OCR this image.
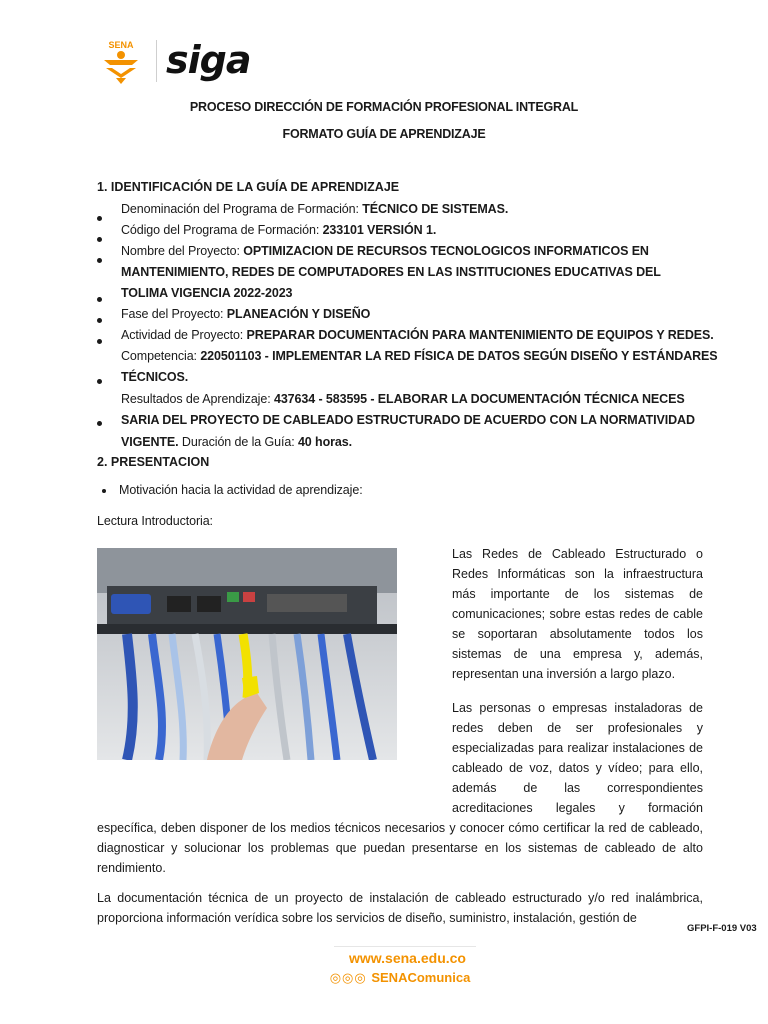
SENA siga
PROCESO DIRECCIÓN DE FORMACIÓN PROFESIONAL INTEGRAL
FORMATO GUÍA DE APRENDIZAJE
1. IDENTIFICACIÓN DE LA GUÍA DE APRENDIZAJE
Denominación del Programa de Formación: TÉCNICO DE SISTEMAS.
Código del Programa de Formación: 233101 VERSIÓN 1.
Nombre del Proyecto: OPTIMIZACION DE RECURSOS TECNOLOGICOS INFORMATICOS EN
MANTENIMIENTO, REDES DE COMPUTADORES EN LAS INSTITUCIONES EDUCATIVAS DEL
TOLIMA VIGENCIA 2022-2023
Fase del Proyecto: PLANEACIÓN Y DISEÑO
Actividad de Proyecto: PREPARAR DOCUMENTACIÓN PARA MANTENIMIENTO DE EQUIPOS Y REDES.
Competencia: 220501103 - IMPLEMENTAR LA RED FÍSICA DE DATOS SEGÚN DISEÑO Y ESTÁNDARES
TÉCNICOS.
Resultados de Aprendizaje: 437634 - 583595 - ELABORAR LA DOCUMENTACIÓN TÉCNICA NECES
SARIA DEL PROYECTO DE CABLEADO ESTRUCTURADO DE ACUERDO CON LA NORMATIVIDAD
VIGENTE. Duración de la Guía: 40 horas.
2. PRESENTACION
Motivación hacia la actividad de aprendizaje:
Lectura Introductoria:

Las Redes de Cableado Estructurado o Redes Informáticas son la infraestructura más importante de los sistemas de comunicaciones; sobre estas redes de cable se soportaran absolutamente todos los sistemas de una empresa y, además, representan una inversión a largo plazo.

Las personas o empresas instaladoras de
redes deben de ser profesionales y
especializadas para realizar instalaciones de
cableado de voz, datos y vídeo; para ello,
además de las correspondientes
acreditaciones legales y formación

específica, deben disponer de los medios técnicos necesarios y conocer cómo certificar la red de cableado, diagnosticar y solucionar los problemas que puedan presentarse en los sistemas de cableado de alto rendimiento.

La documentación técnica de un proyecto de instalación de cableado estructurado y/o red inalámbrica, proporciona información verídica sobre los servicios de diseño, suministro, instalación, gestión de

GFPI-F-019 V03
www.sena.edu.co
◎◎◎ SENAComunica
